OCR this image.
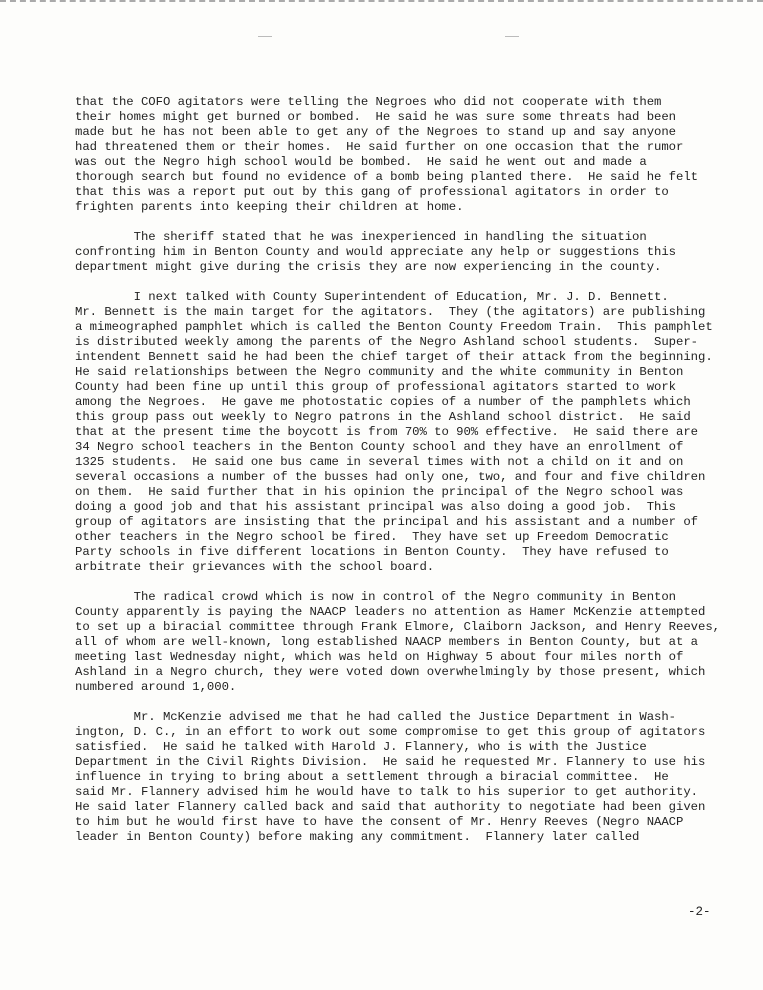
that the COFO agitators were telling the Negroes who did not cooperate with them
their homes might get burned or bombed.  He said he was sure some threats had been
made but he has not been able to get any of the Negroes to stand up and say anyone
had threatened them or their homes.  He said further on one occasion that the rumor
was out the Negro high school would be bombed.  He said he went out and made a
thorough search but found no evidence of a bomb being planted there.  He said he felt
that this was a report put out by this gang of professional agitators in order to
frighten parents into keeping their children at home.
The sheriff stated that he was inexperienced in handling the situation
confronting him in Benton County and would appreciate any help or suggestions this
department might give during the crisis they are now experiencing in the county.
I next talked with County Superintendent of Education, Mr. J. D. Bennett.
Mr. Bennett is the main target for the agitators.  They (the agitators) are publishing
a mimeographed pamphlet which is called the Benton County Freedom Train.  This pamphlet
is distributed weekly among the parents of the Negro Ashland school students.  Super-
intendent Bennett said he had been the chief target of their attack from the beginning.
He said relationships between the Negro community and the white community in Benton
County had been fine up until this group of professional agitators started to work
among the Negroes.  He gave me photostatic copies of a number of the pamphlets which
this group pass out weekly to Negro patrons in the Ashland school district.  He said
that at the present time the boycott is from 70% to 90% effective.  He said there are
34 Negro school teachers in the Benton County school and they have an enrollment of
1325 students.  He said one bus came in several times with not a child on it and on
several occasions a number of the busses had only one, two, and four and five children
on them.  He said further that in his opinion the principal of the Negro school was
doing a good job and that his assistant principal was also doing a good job.  This
group of agitators are insisting that the principal and his assistant and a number of
other teachers in the Negro school be fired.  They have set up Freedom Democratic
Party schools in five different locations in Benton County.  They have refused to
arbitrate their grievances with the school board.
The radical crowd which is now in control of the Negro community in Benton
County apparently is paying the NAACP leaders no attention as Hamer McKenzie attempted
to set up a biracial committee through Frank Elmore, Claiborn Jackson, and Henry Reeves,
all of whom are well-known, long established NAACP members in Benton County, but at a
meeting last Wednesday night, which was held on Highway 5 about four miles north of
Ashland in a Negro church, they were voted down overwhelmingly by those present, which
numbered around 1,000.
Mr. McKenzie advised me that he had called the Justice Department in Wash-
ington, D. C., in an effort to work out some compromise to get this group of agitators
satisfied.  He said he talked with Harold J. Flannery, who is with the Justice
Department in the Civil Rights Division.  He said he requested Mr. Flannery to use his
influence in trying to bring about a settlement through a biracial committee.  He
said Mr. Flannery advised him he would have to talk to his superior to get authority.
He said later Flannery called back and said that authority to negotiate had been given
to him but he would first have to have the consent of Mr. Henry Reeves (Negro NAACP
leader in Benton County) before making any commitment.  Flannery later called
-2-
